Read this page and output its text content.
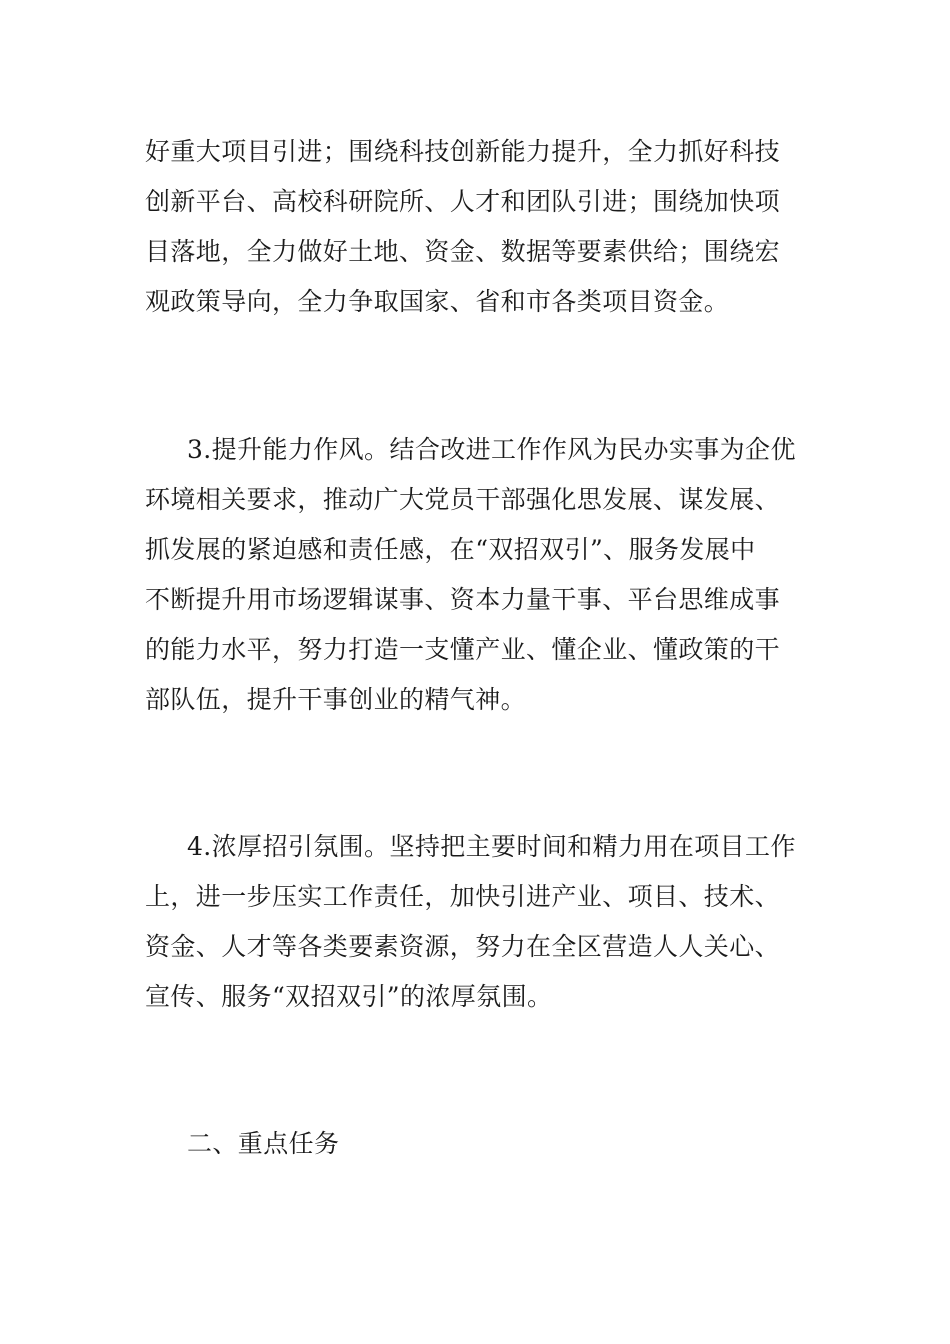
好重大项目引进；围绕科技创新能力提升，全力抓好科技
创新平台、高校科研院所、人才和团队引进；围绕加快项
目落地，全力做好土地、资金、数据等要素供给；围绕宏
观政策导向，全力争取国家、省和市各类项目资金。
3.提升能力作风。结合改进工作作风为民办实事为企优
环境相关要求，推动广大党员干部强化思发展、谋发展、
抓发展的紧迫感和责任感，在“双招双引”、服务发展中
不断提升用市场逻辑谋事、资本力量干事、平台思维成事
的能力水平，努力打造一支懂产业、懂企业、懂政策的干
部队伍，提升干事创业的精气神。
4.浓厚招引氛围。坚持把主要时间和精力用在项目工作
上，进一步压实工作责任，加快引进产业、项目、技术、
资金、人才等各类要素资源，努力在全区营造人人关心、
宣传、服务“双招双引”的浓厚氛围。
二、重点任务
